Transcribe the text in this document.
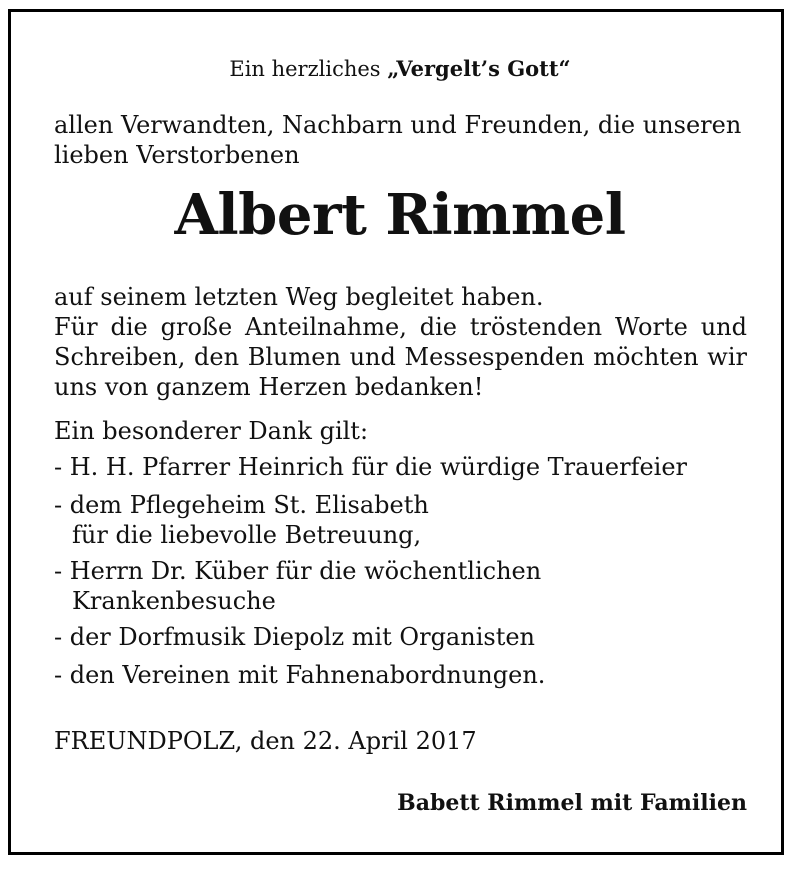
Ein herzliches „Vergelt’s Gott“
allen Verwandten, Nachbarn und Freunden, die unseren
lieben Verstorbenen
Albert Rimmel
auf seinem letzten Weg begleitet haben.
Für die große Anteilnahme, die tröstenden Worte und
Schreiben, den Blumen und Messespenden möchten wir
uns von ganzem Herzen bedanken!
Ein besonderer Dank gilt:
- H. H. Pfarrer Heinrich für die würdige Trauerfeier
- dem Pflegeheim St. Elisabeth
für die liebevolle Betreuung,
- Herrn Dr. Küber für die wöchentlichen
Krankenbesuche
- der Dorfmusik Diepolz mit Organisten
- den Vereinen mit Fahnenabordnungen.
FREUNDPOLZ, den 22. April 2017
Babett Rimmel mit Familien
